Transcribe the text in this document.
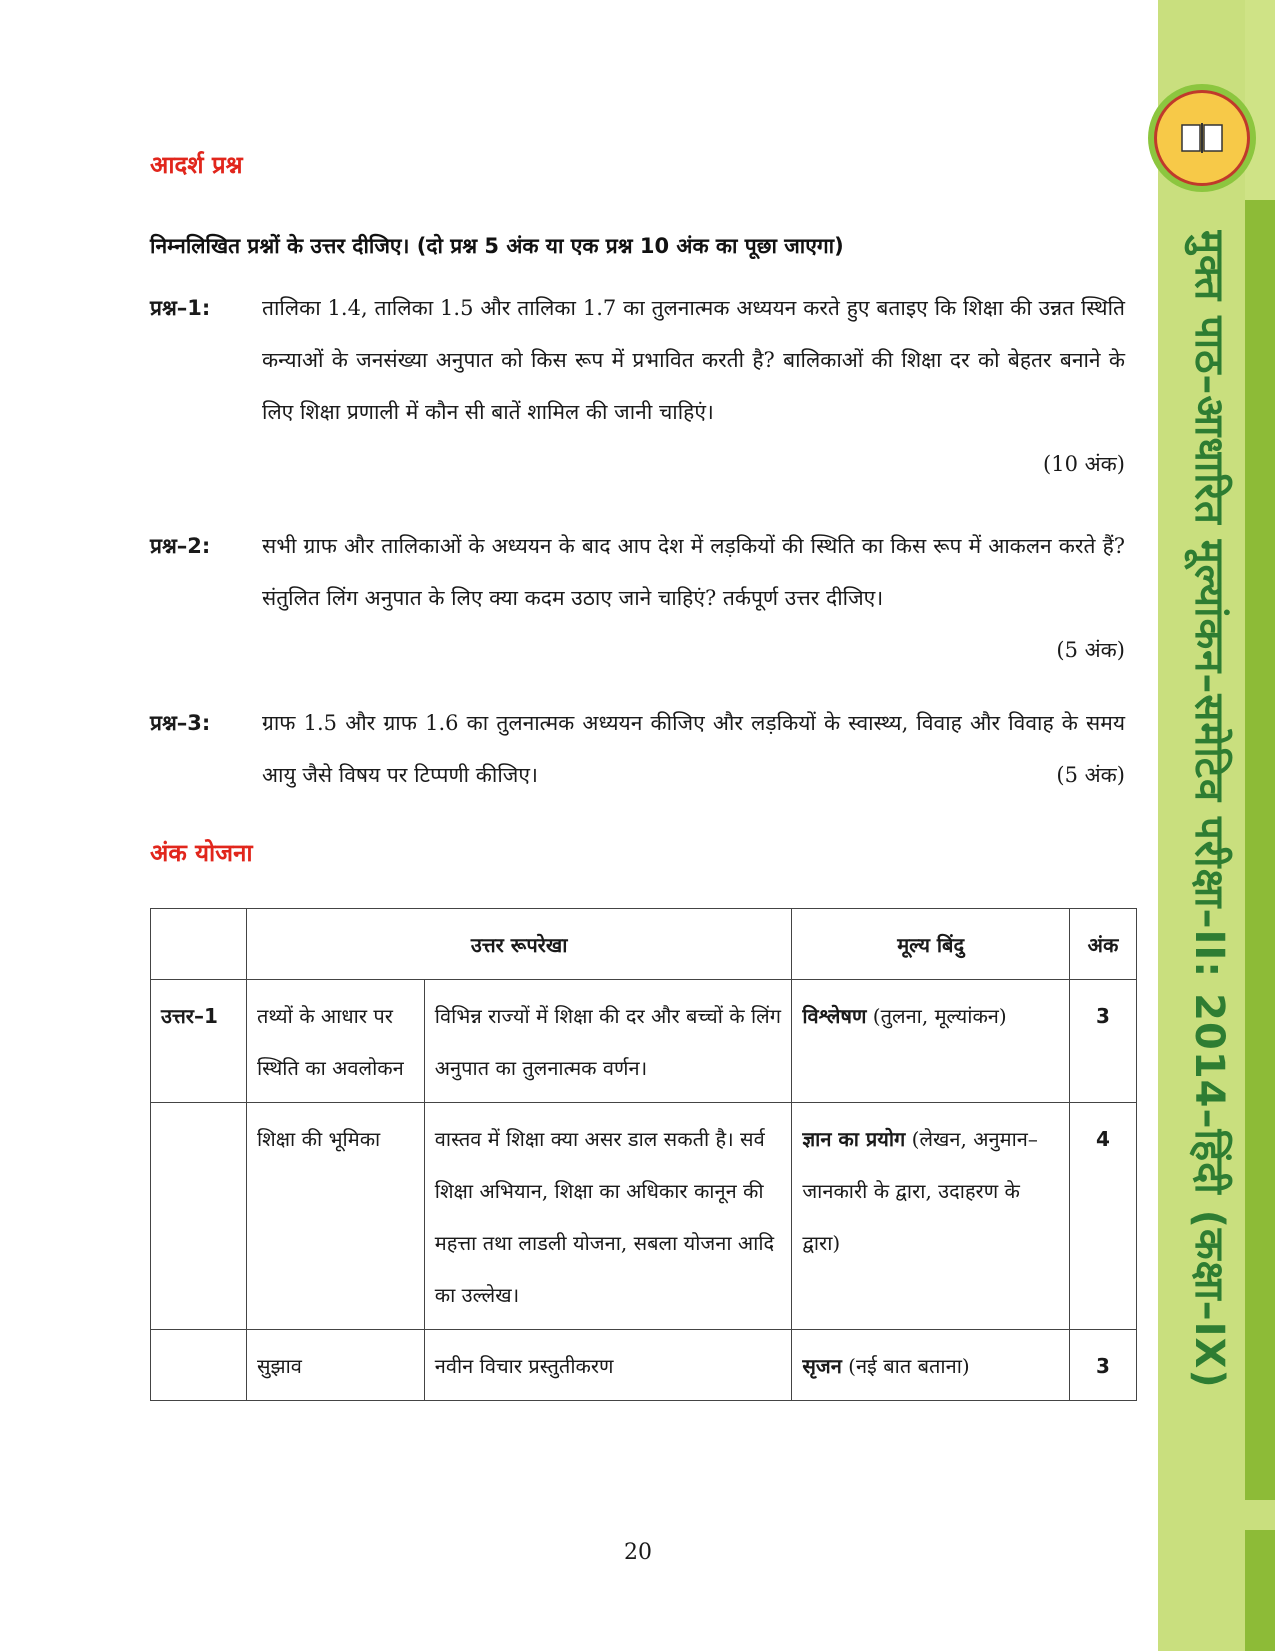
मुक्त पाठ–आधारित मूल्यांकन–समेटिव परीक्षा–II: 2014–हिंदी (कक्षा–IX)
आदर्श प्रश्न
निम्नलिखित प्रश्नों के उत्तर दीजिए। (दो प्रश्न 5 अंक या एक प्रश्न 10 अंक का पूछा जाएगा)
प्रश्न–1:	तालिका 1.4, तालिका 1.5 और तालिका 1.7 का तुलनात्मक अध्ययन करते हुए बताइए कि शिक्षा की उन्नत स्थिति कन्याओं के जनसंख्या अनुपात को किस रूप में प्रभावित करती है? बालिकाओं की शिक्षा दर को बेहतर बनाने के लिए शिक्षा प्रणाली में कौन सी बातें शामिल की जानी चाहिएं।
(10 अंक)
प्रश्न–2:	सभी ग्राफ और तालिकाओं के अध्ययन के बाद आप देश में लड़कियों की स्थिति का किस रूप में आकलन करते हैं? संतुलित लिंग अनुपात के लिए क्या कदम उठाए जाने चाहिएं? तर्कपूर्ण उत्तर दीजिए।
(5 अंक)
प्रश्न–3:	ग्राफ 1.5 और ग्राफ 1.6 का तुलनात्मक अध्ययन कीजिए और लड़कियों के स्वास्थ्य, विवाह और विवाह के समय आयु जैसे विषय पर टिप्पणी कीजिए।	(5 अंक)
अंक योजना
	उत्तर रूपरेखा		मूल्य बिंदु	अंक
उत्तर–1	तथ्यों के आधार पर स्थिति का अवलोकन	विभिन्न राज्यों में शिक्षा की दर और बच्चों के लिंग अनुपात का तुलनात्मक वर्णन।	विश्लेषण (तुलना, मूल्यांकन)	3
	शिक्षा की भूमिका	वास्तव में शिक्षा क्या असर डाल सकती है। सर्व शिक्षा अभियान, शिक्षा का अधिकार कानून की महत्ता तथा लाडली योजना, सबला योजना आदि का उल्लेख।	ज्ञान का प्रयोग (लेखन, अनुमान–जानकारी के द्वारा, उदाहरण के द्वारा)	4
	सुझाव	नवीन विचार प्रस्तुतीकरण	सृजन (नई बात बताना)	3
20
